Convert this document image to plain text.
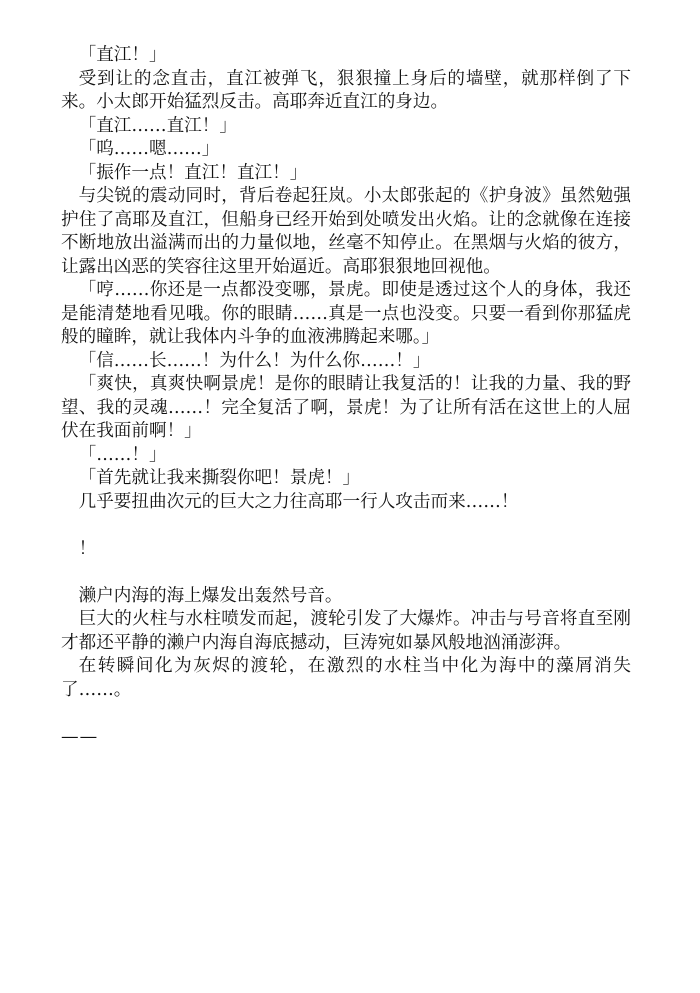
「直江！」

受到让的念直击，直江被弹飞，狠狠撞上身后的墙壁，就那样倒了下来。小太郎开始猛烈反击。高耶奔近直江的身边。

「直江……直江！」

「呜……嗯……」

「振作一点！直江！直江！」

与尖锐的震动同时，背后卷起狂岚。小太郎张起的《护身波》虽然勉强护住了高耶及直江，但船身已经开始到处喷发出火焰。让的念就像在连接不断地放出溢满而出的力量似地，丝毫不知停止。在黑烟与火焰的彼方，让露出凶恶的笑容往这里开始逼近。高耶狠狠地回视他。

「哼……你还是一点都没变哪，景虎。即使是透过这个人的身体，我还是能清楚地看见哦。你的眼睛……真是一点也没变。只要一看到你那猛虎般的瞳眸，就让我体内斗争的血液沸腾起来哪。」

「信……长……！为什么！为什么你……！」

「爽快，真爽快啊景虎！是你的眼睛让我复活的！让我的力量、我的野望、我的灵魂……！完全复活了啊，景虎！为了让所有活在这世上的人屈伏在我面前啊！」

「……！」

「首先就让我来撕裂你吧！景虎！」

几乎要扭曲次元的巨大之力往高耶一行人攻击而来……！

！

濑户内海的海上爆发出轰然号音。

巨大的火柱与水柱喷发而起，渡轮引发了大爆炸。冲击与号音将直至刚才都还平静的濑户内海自海底撼动，巨涛宛如暴风般地汹涌澎湃。

在转瞬间化为灰烬的渡轮，在激烈的水柱当中化为海中的藻屑消失了……。

——
